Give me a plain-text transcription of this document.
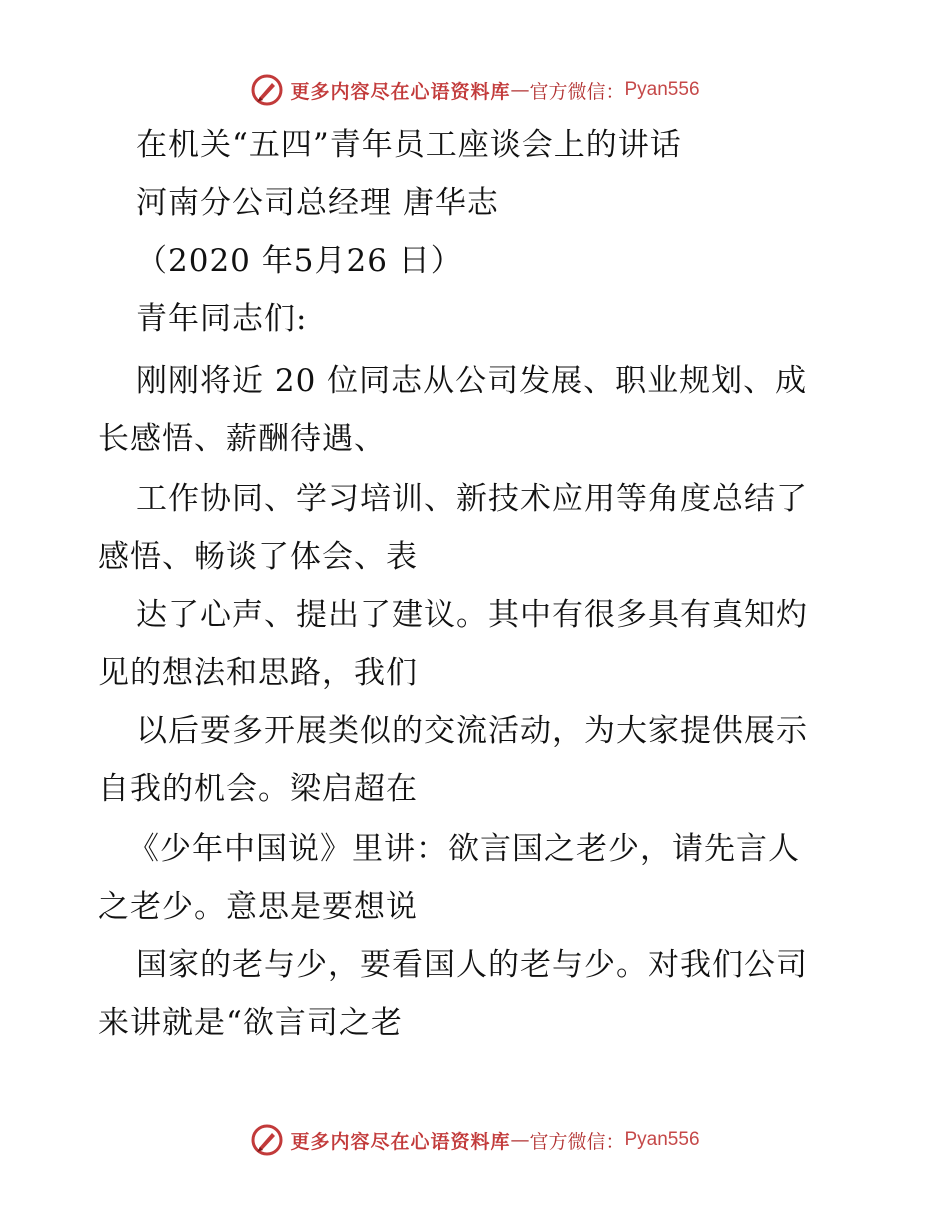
更多内容尽在心语资料库 — 官方微信： Pyan556
在机关“五四”青年员工座谈会上的讲话
河南分公司总经理 唐华志
（2020 年5月26 日）
青年同志们:
刚刚将近 20 位同志从公司发展、职业规划、成
长感悟、薪酬待遇、
工作协同、学习培训、新技术应用等角度总结了
感悟、畅谈了体会、表
达了心声、提出了建议。其中有很多具有真知灼
见的想法和思路，我们
以后要多开展类似的交流活动，为大家提供展示
自我的机会。梁启超在
《少年中国说》里讲：欲言国之老少，请先言人
之老少。意思是要想说
国家的老与少，要看国人的老与少。对我们公司
来讲就是“欲言司之老
更多内容尽在心语资料库 — 官方微信： Pyan556
